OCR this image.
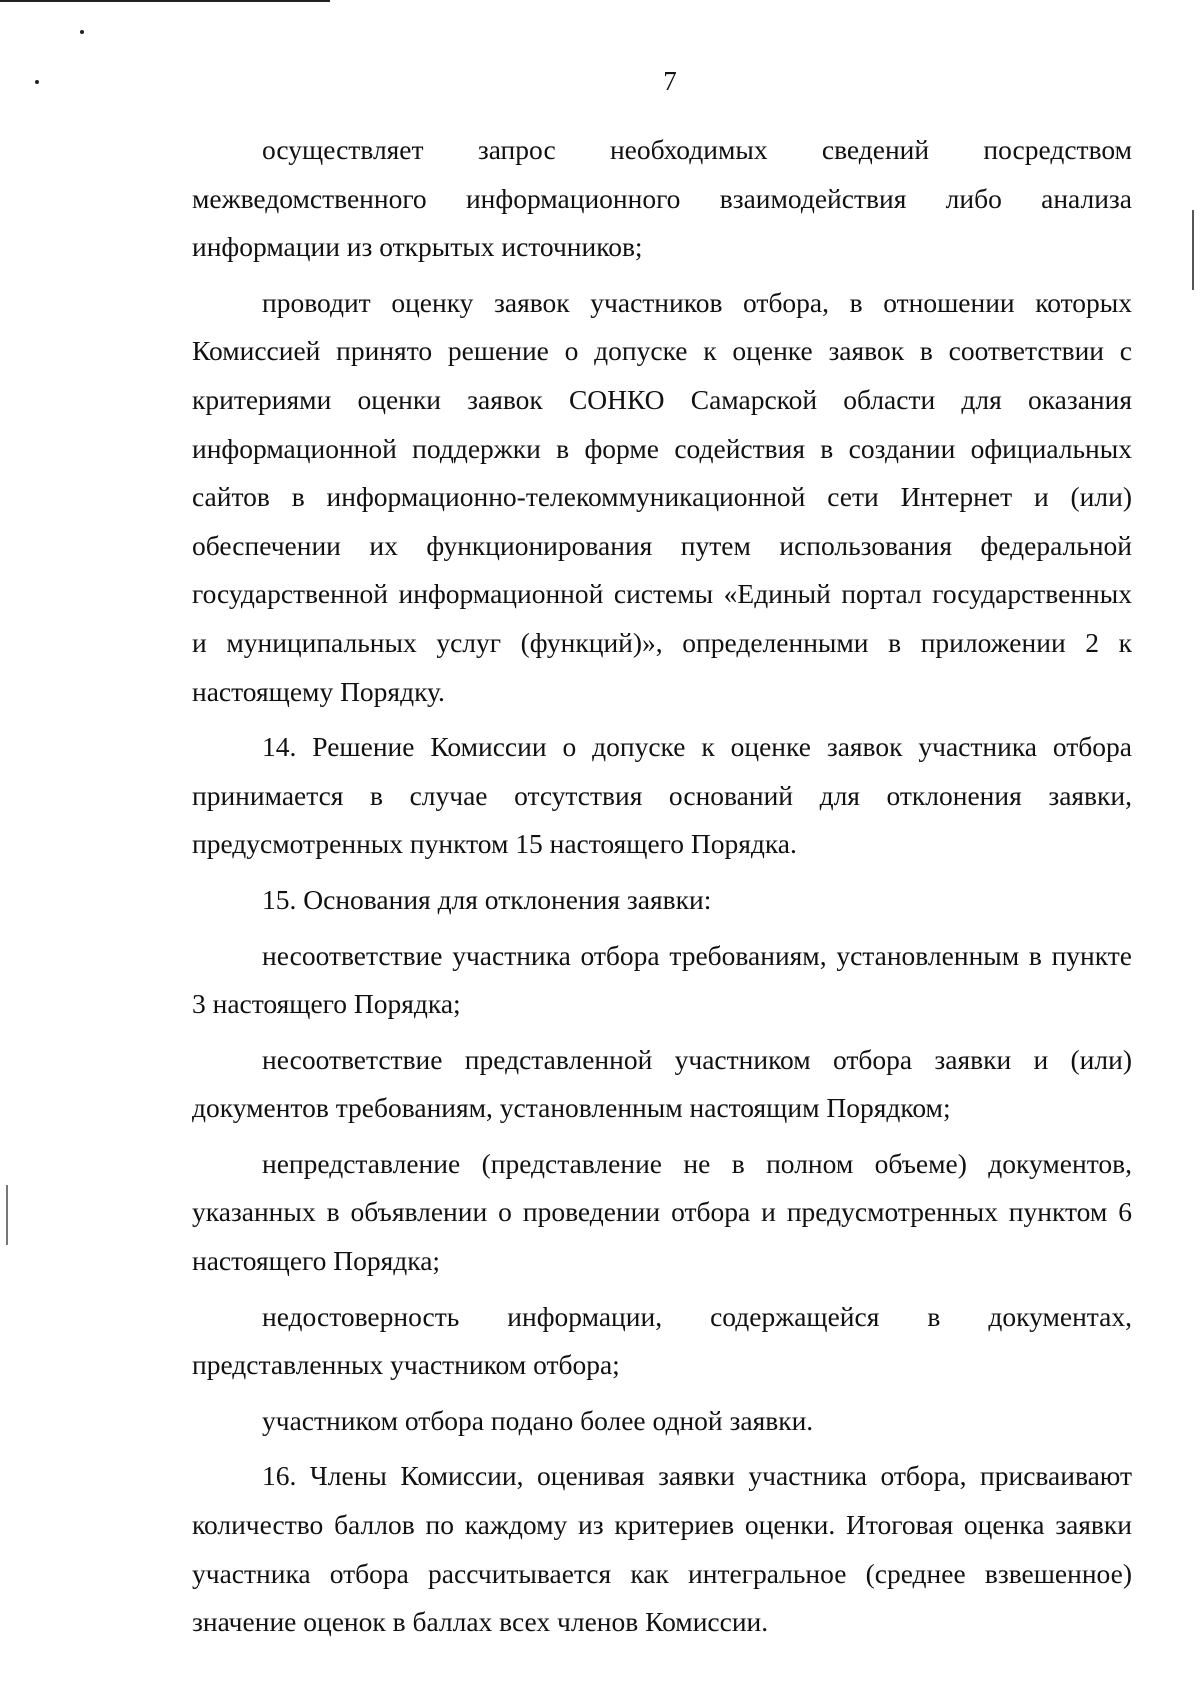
7

осуществляет запрос необходимых сведений посредством межведомственного информационного взаимодействия либо анализа информации из открытых источников;

проводит оценку заявок участников отбора, в отношении которых Комиссией принято решение о допуске к оценке заявок в соответствии с критериями оценки заявок СОНКО Самарской области для оказания информационной поддержки в форме содействия в создании официальных сайтов в информационно-телекоммуникационной сети Интернет и (или) обеспечении их функционирования путем использования федеральной государственной информационной системы «Единый портал государственных и муниципальных услуг (функций)», определенными в приложении 2 к настоящему Порядку.

14. Решение Комиссии о допуске к оценке заявок участника отбора принимается в случае отсутствия оснований для отклонения заявки, предусмотренных пунктом 15 настоящего Порядка.

15. Основания для отклонения заявки:

несоответствие участника отбора требованиям, установленным в пункте 3 настоящего Порядка;

несоответствие представленной участником отбора заявки и (или) документов требованиям, установленным настоящим Порядком;

непредставление (представление не в полном объеме) документов, указанных в объявлении о проведении отбора и предусмотренных пунктом 6 настоящего Порядка;

недостоверность информации, содержащейся в документах, представленных участником отбора;

участником отбора подано более одной заявки.

16. Члены Комиссии, оценивая заявки участника отбора, присваивают количество баллов по каждому из критериев оценки. Итоговая оценка заявки участника отбора рассчитывается как интегральное (среднее взвешенное) значение оценок в баллах всех членов Комиссии.
